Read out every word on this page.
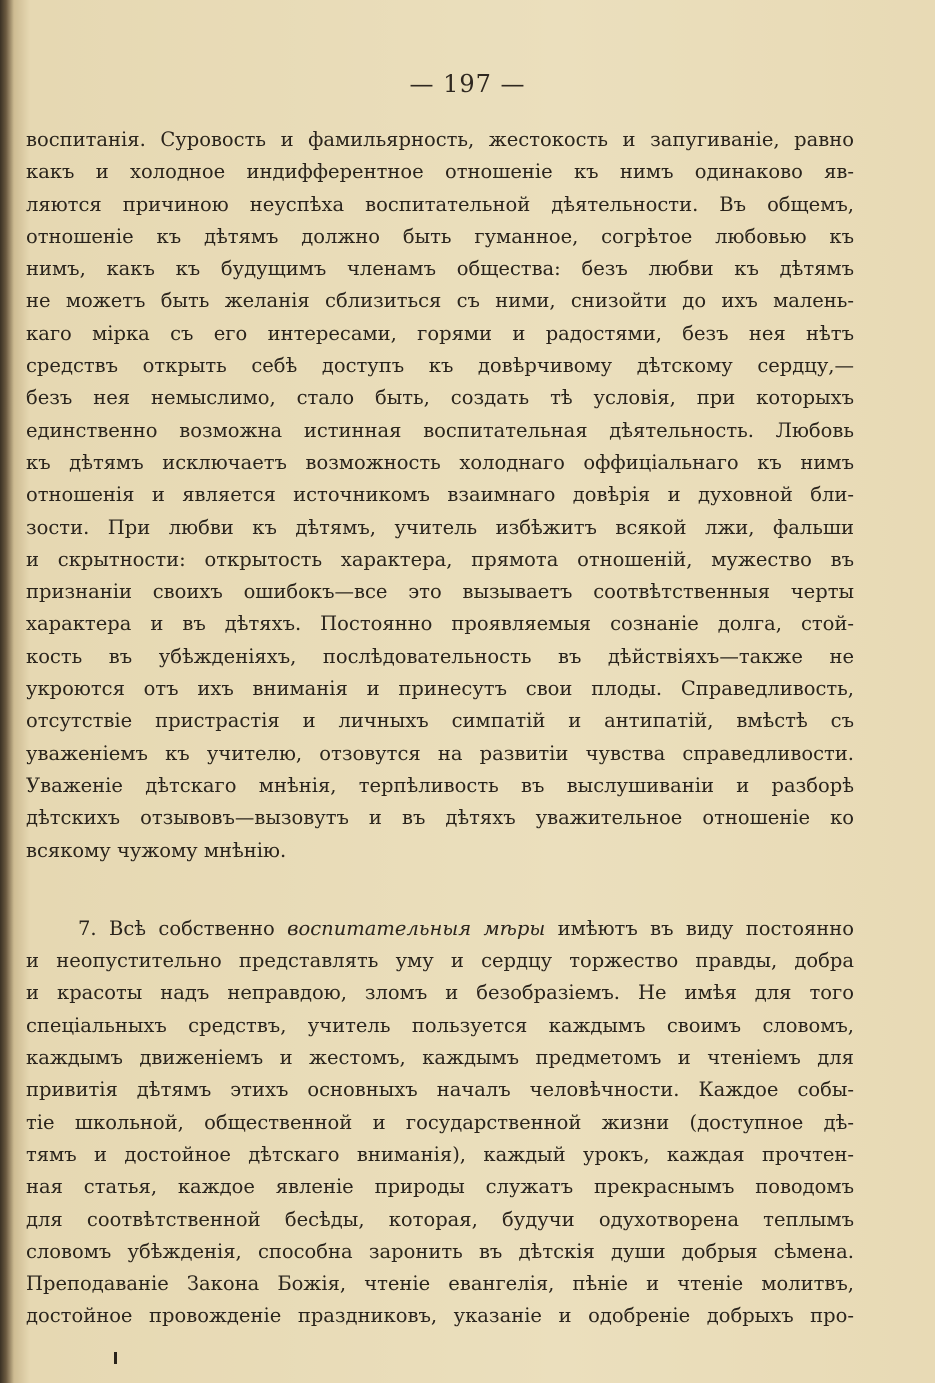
— 197 —
воспитанія. Суровость и фамильярность, жестокость и запугиваніе, равно
какъ и холодное индифферентное отношеніе къ нимъ одинаково яв-
ляются причиною неуспѣха воспитательной дѣятельности. Въ общемъ,
отношеніе къ дѣтямъ должно быть гуманное, согрѣтое любовью къ
нимъ, какъ къ будущимъ членамъ общества: безъ любви къ дѣтямъ
не можетъ быть желанія сблизиться съ ними, снизойти до ихъ малень-
каго міpка съ его интересами, горями и радостями, безъ нея нѣтъ
средствъ открыть себѣ доступъ къ довѣрчивому дѣтскому сердцу,—
безъ нея немыслимо, стало быть, создать тѣ условія, при которыхъ
единственно возможна истинная воспитательная дѣятельность. Любовь
къ дѣтямъ исключаетъ возможность холоднаго оффиціальнаго къ нимъ
отношенія и является источникомъ взаимнаго довѣрія и духовной бли-
зости. При любви къ дѣтямъ, учитель избѣжитъ всякой лжи, фальши
и скрытности: открытость характера, прямота отношеній, мужество въ
признаніи своихъ ошибокъ—все это вызываетъ соотвѣтственныя черты
характера и въ дѣтяхъ. Постоянно проявляемыя сознаніе долга, стой-
кость въ убѣжденіяхъ, послѣдовательность въ дѣйствіяхъ—также не
укроются отъ ихъ вниманія и принесутъ свои плоды. Справедливость,
отсутствіе пристрастія и личныхъ симпатій и антипатій, вмѣстѣ съ
уваженіемъ къ учителю, отзовутся на развитіи чувства справедливости.
Уваженіе дѣтскаго мнѣнія, терпѣливость въ выслушиваніи и разборѣ
дѣтскихъ отзывовъ—вызовутъ и въ дѣтяхъ уважительное отношеніе ко
всякому чужому мнѣнію.
7. Всѣ собственно воспитательныя мѣры имѣютъ въ виду постоянно
и неопустительно представлять уму и сердцу торжество правды, добра
и красоты надъ неправдою, зломъ и безобразіемъ. Не имѣя для того
спеціальныхъ средствъ, учитель пользуется каждымъ своимъ словомъ,
каждымъ движеніемъ и жестомъ, каждымъ предметомъ и чтеніемъ для
привитія дѣтямъ этихъ основныхъ началъ человѣчности. Каждое собы-
тіе школьной, общественной и государственной жизни (доступное дѣ-
тямъ и достойное дѣтскаго вниманія), каждый урокъ, каждая прочтен-
ная статья, каждое явленіе природы служатъ прекраснымъ поводомъ
для соотвѣтственной бесѣды, которая, будучи одухотворена теплымъ
словомъ убѣжденія, способна заронить въ дѣтскія души добрыя сѣмена.
Преподаваніе Закона Божія, чтеніе евангелія, пѣніе и чтеніе молитвъ,
достойное провожденіе праздниковъ, указаніе и одобреніе добрыхъ про-
